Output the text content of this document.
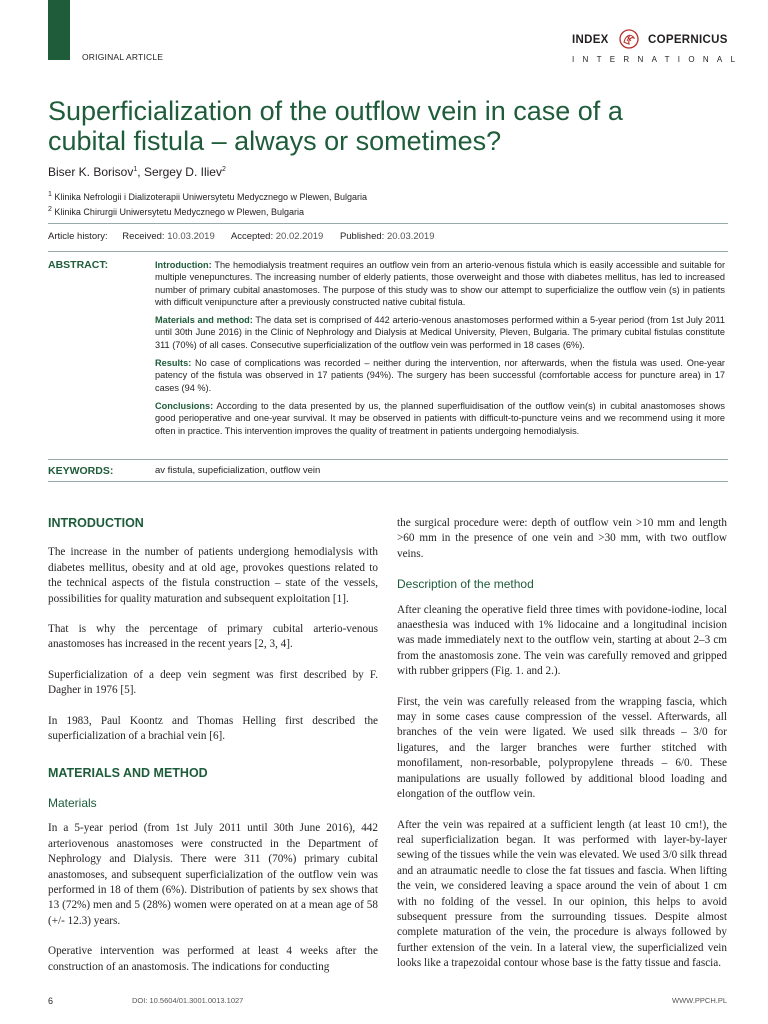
ORIGINAL ARTICLE
INDEX	COPERNICUS
INTERNATIONAL
Superficialization of the outflow vein in case of a cubital fistula – always or sometimes?
Biser K. Borisov$^1$, Sergey D. Iliev$^2$
$^1$ Klinika Nefrologii i Dializoterapii Uniwersytetu Medycznego w Plewen, Bulgaria
$^2$ Klinika Chirurgii Uniwersytetu Medycznego w Plewen, Bulgaria
Article history: Received: 10.03.2019 Accepted: 20.02.2019 Published: 20.03.2019
ABSTRACT:	Introduction: The hemodialysis treatment requires an outflow vein from an arterio-venous fistula which is easily accessible and suitable for multiple venepunctures. The increasing number of elderly patients, those overweight and those with diabetes mellitus, has led to increased number of primary cubital anastomoses. The purpose of this study was to show our attempt to superficialize the outflow vein (s) in patients with difficult venipuncture after a previously constructed native cubital fistula.

Materials and method: The data set is comprised of 442 arterio-venous anastomoses performed within a 5-year period (from 1st July 2011 until 30th June 2016) in the Clinic of Nephrology and Dialysis at Medical University, Pleven, Bulgaria. The primary cubital fistulas constitute 311 (70%) of all cases. Consecutive superficialization of the outflow vein was performed in 18 cases (6%).

Results: No case of complications was recorded – neither during the intervention, nor afterwards, when the fistula was used. One-year patency of the fistula was observed in 17 patients (94%). The surgery has been successful (comfortable access for puncture area) in 17 cases (94 %).

Conclusions: According to the data presented by us, the planned superfluidisation of the outflow vein(s) in cubital anastomoses shows good perioperative and one-year survival. It may be observed in patients with difficult-to-puncture veins and we recommend using it more often in practice. This intervention improves the quality of treatment in patients undergoing hemodialysis.

KEYWORDS:	av fistula, supeficialization, outflow vein
INTRODUCTION

The increase in the number of patients undergiong hemodialysis with diabetes mellitus, obesity and at old age, provokes questions related to the technical aspects of the fistula construction – state of the vessels, possibilities for quality maturation and subsequent exploitation [1].

That is why the percentage of primary cubital arterio-venous anastomoses has increased in the recent years [2, 3, 4].

Superficialization of a deep vein segment was first described by F. Dagher in 1976 [5].

In 1983, Paul Koontz and Thomas Helling first described the superficialization of a brachial vein [6].

MATERIALS AND METHOD
Materials

In a 5-year period (from 1st July 2011 until 30th June 2016), 442 arteriovenous anastomoses were constructed in the Department of Nephrology and Dialysis. There were 311 (70%) primary cubital anastomoses, and subsequent superficialization of the outflow vein was performed in 18 of them (6%). Distribution of patients by sex shows that 13 (72%) men and 5 (28%) women were operated on at a mean age of 58 (+/- 12.3) years.

Operative intervention was performed at least 4 weeks after the construction of an anastomosis. The indications for conducting

the surgical procedure were: depth of outflow vein >10 mm and length >60 mm in the presence of one vein and >30 mm, with two outflow veins.

Description of the method

After cleaning the operative field three times with povidone-iodine, local anaesthesia was induced with 1% lidocaine and a longitudinal incision was made immediately next to the outflow vein, starting at about 2–3 cm from the anastomosis zone. The vein was carefully removed and gripped with rubber grippers (Fig. 1. and 2.).

First, the vein was carefully released from the wrapping fascia, which may in some cases cause compression of the vessel. Afterwards, all branches of the vein were ligated. We used silk threads – 3/0 for ligatures, and the larger branches were further stitched with monofilament, non-resorbable, polypropylene threads – 6/0. These manipulations are usually followed by additional blood loading and elongation of the outflow vein.

After the vein was repaired at a sufficient length (at least 10 cm!), the real superficialization began. It was performed with layer-by-layer sewing of the tissues while the vein was elevated. We used 3/0 silk thread and an atraumatic needle to close the fat tissues and fascia. When lifting the vein, we considered leaving a space around the vein of about 1 cm with no folding of the vessel. In our opinion, this helps to avoid subsequent pressure from the surrounding tissues. Despite almost complete maturation of the vein, the procedure is always followed by further extension of the vein. In a lateral view, the superficialized vein looks like a trapezoidal contour whose base is the fatty tissue and fascia.

6	DOI: 10.5604/01.3001.0013.1027	WWW.PPCH.PL
